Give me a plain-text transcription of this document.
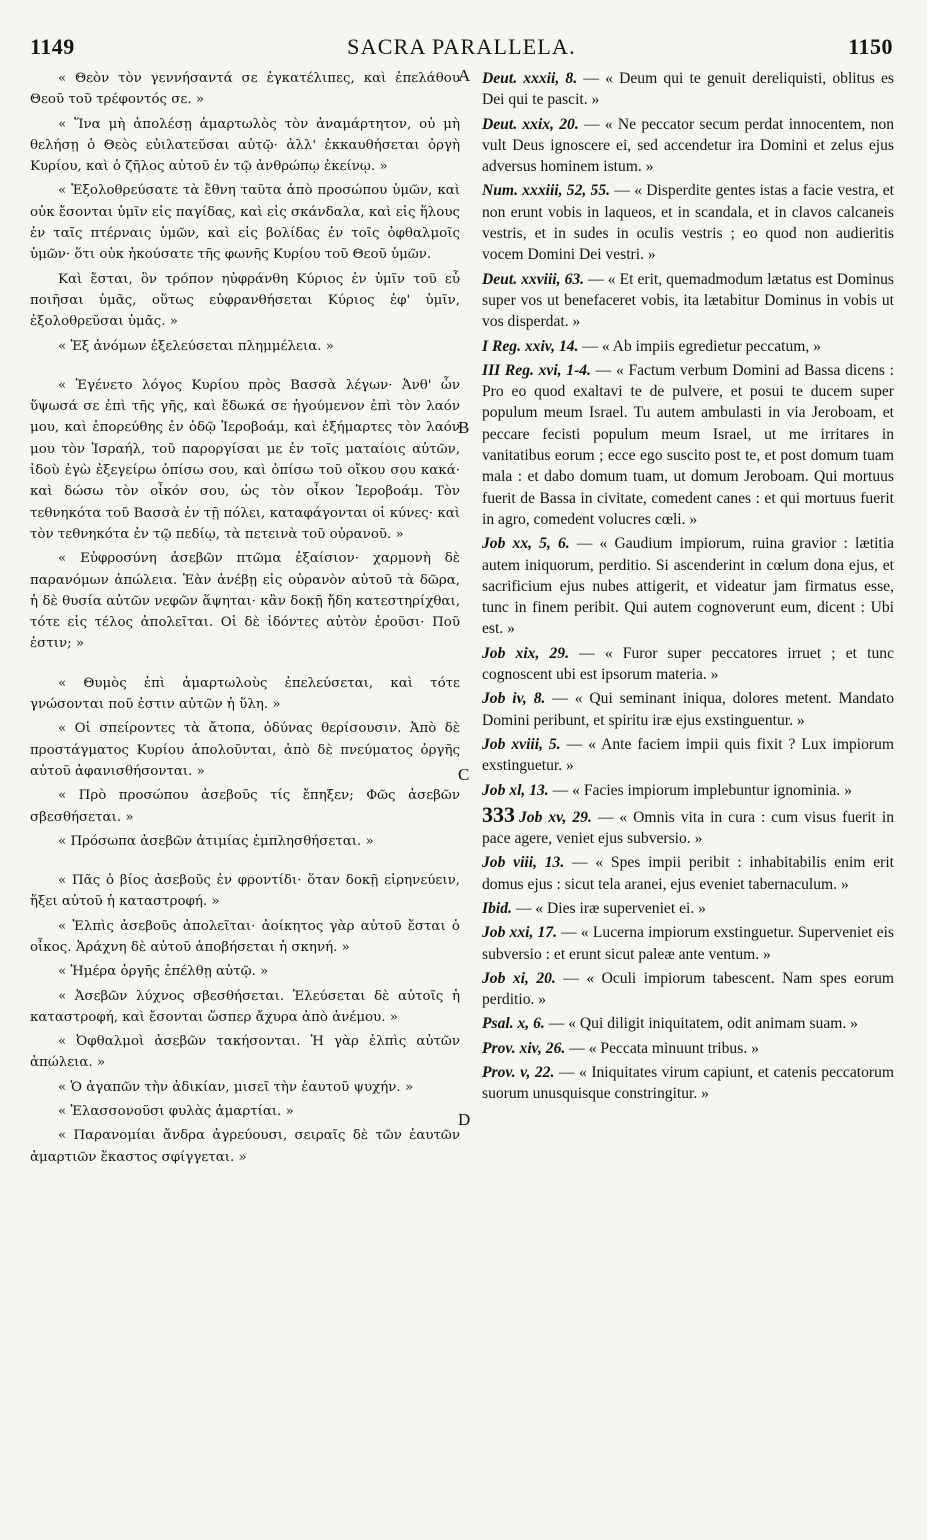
1149	SACRA PARALLELA.	1150
A
B
C
D

« Θεὸν τὸν γεννήσαντά σε ἐγκατέλιπες, καὶ ἐπελάθου Θεοῦ τοῦ τρέφοντός σε. »

« Ἵνα μὴ ἀπολέσῃ ἁμαρτωλὸς τὸν ἀναμάρτητον, οὐ μὴ θελήσῃ ὁ Θεὸς εὐιλατεῦσαι αὐτῷ· ἀλλ' ἐκκαυθήσεται ὀργὴ Κυρίου, καὶ ὁ ζῆλος αὐτοῦ ἐν τῷ ἀνθρώπῳ ἐκείνῳ. »

« Ἐξολοθρεύσατε τὰ ἔθνη ταῦτα ἀπὸ προσώπου ὑμῶν, καὶ οὐκ ἔσονται ὑμῖν εἰς παγίδας, καὶ εἰς σκάνδαλα, καὶ εἰς ἥλους ἐν ταῖς πτέρναις ὑμῶν, καὶ εἰς βολίδας ἐν τοῖς ὀφθαλμοῖς ὑμῶν· ὅτι οὐκ ἠκούσατε τῆς φωνῆς Κυρίου τοῦ Θεοῦ ὑμῶν.

Καὶ ἔσται, ὃν τρόπον ηὐφράνθη Κύριος ἐν ὑμῖν τοῦ εὖ ποιῆσαι ὑμᾶς, οὕτως εὐφρανθήσεται Κύριος ἐφ' ὑμῖν, ἐξολοθρεῦσαι ὑμᾶς. »

« Ἐξ ἀνόμων ἐξελεύσεται πλημμέλεια. »

« Ἐγένετο λόγος Κυρίου πρὸς Βασσὰ λέγων· Ἀνθ' ὧν ὕψωσά σε ἐπὶ τῆς γῆς, καὶ ἔδωκά σε ἡγούμενον ἐπὶ τὸν λαόν μου, καὶ ἐπορεύθης ἐν ὁδῷ Ἱεροβοάμ, καὶ ἐξήμαρτες τὸν λαόν μου τὸν Ἰσραήλ, τοῦ παροργίσαι με ἐν τοῖς ματαίοις αὐτῶν, ἰδοὺ ἐγὼ ἐξεγείρω ὀπίσω σου, καὶ ὀπίσω τοῦ οἴκου σου κακά· καὶ δώσω τὸν οἶκόν σου, ὡς τὸν οἶκον Ἱεροβοάμ. Τὸν τεθνηκότα τοῦ Βασσὰ ἐν τῇ πόλει, καταφάγονται οἱ κύνες· καὶ τὸν τεθνηκότα ἐν τῷ πεδίῳ, τὰ πετεινὰ τοῦ οὐρανοῦ. »

« Εὐφροσύνη ἀσεβῶν πτῶμα ἐξαίσιον· χαρμονὴ δὲ παρανόμων ἀπώλεια. Ἐὰν ἀνέβῃ εἰς οὐρανὸν αὐτοῦ τὰ δῶρα, ἡ δὲ θυσία αὐτῶν νεφῶν ἅψηται· κἂν δοκῇ ἤδη κατεστηρίχθαι, τότε εἰς τέλος ἀπολεῖται. Οἱ δὲ ἰδόντες αὐτὸν ἐροῦσι· Ποῦ ἐστιν; »

« Θυμὸς ἐπὶ ἁμαρτωλοὺς ἐπελεύσεται, καὶ τότε γνώσονται ποῦ ἐστιν αὐτῶν ἡ ὕλη. »

« Οἱ σπείροντες τὰ ἄτοπα, ὀδύνας θερίσουσιν. Ἀπὸ δὲ προστάγματος Κυρίου ἀπολοῦνται, ἀπὸ δὲ πνεύματος ὀργῆς αὐτοῦ ἀφανισθήσονται. »

« Πρὸ προσώπου ἀσεβοῦς τίς ἔπηξεν; Φῶς ἀσεβῶν σβεσθήσεται. »

« Πρόσωπα ἀσεβῶν ἀτιμίας ἐμπλησθήσεται. »

« Πᾶς ὁ βίος ἀσεβοῦς ἐν φροντίδι· ὅταν δοκῇ εἰρηνεύειν, ἥξει αὐτοῦ ἡ καταστροφή. »

« Ἐλπὶς ἀσεβοῦς ἀπολεῖται· ἀοίκητος γὰρ αὐτοῦ ἔσται ὁ οἶκος. Ἀράχνη δὲ αὐτοῦ ἀποβήσεται ἡ σκηνή. »

« Ἡμέρα ὀργῆς ἐπέλθῃ αὐτῷ. »

« Ἀσεβῶν λύχνος σβεσθήσεται. Ἐλεύσεται δὲ αὐτοῖς ἡ καταστροφή, καὶ ἔσονται ὥσπερ ἄχυρα ἀπὸ ἀνέμου. »

« Ὀφθαλμοὶ ἀσεβῶν τακήσονται. Ἡ γὰρ ἐλπὶς αὐτῶν ἀπώλεια. »

« Ὁ ἀγαπῶν τὴν ἀδικίαν, μισεῖ τὴν ἑαυτοῦ ψυχήν. »

« Ἐλασσονοῦσι φυλὰς ἁμαρτίαι. »

« Παρανομίαι ἄνδρα ἀγρεύουσι, σειραῖς δὲ τῶν ἑαυτῶν ἁμαρτιῶν ἕκαστος σφίγγεται. »

Deut. xxxii, 8. — « Deum qui te genuit dereliquisti, oblitus es Dei qui te pascit. »

Deut. xxix, 20. — « Ne peccator secum perdat innocentem, non vult Deus ignoscere ei, sed accendetur ira Domini et zelus ejus adversus hominem istum. »

Num. xxxiii, 52, 55. — « Disperdite gentes istas a facie vestra, et non erunt vobis in laqueos, et in scandala, et in clavos calcaneis vestris, et in sudes in oculis vestris ; eo quod non audieritis vocem Domini Dei vestri. »

Deut. xxviii, 63. — « Et erit, quemadmodum lætatus est Dominus super vos ut benefaceret vobis, ita lætabitur Dominus in vobis ut vos disperdat. »

I Reg. xxiv, 14. — « Ab impiis egredietur peccatum, »

III Reg. xvi, 1-4. — « Factum verbum Domini ad Bassa dicens : Pro eo quod exaltavi te de pulvere, et posui te ducem super populum meum Israel. Tu autem ambulasti in via Jeroboam, et peccare fecisti populum meum Israel, ut me irritares in vanitatibus eorum ; ecce ego suscito post te, et post domum tuam mala : et dabo domum tuam, ut domum Jeroboam. Qui mortuus fuerit de Bassa in civitate, comedent canes : et qui mortuus fuerit in agro, comedent volucres cœli. »

Job xx, 5, 6. — « Gaudium impiorum, ruina gravior : lætitia autem iniquorum, perditio. Si ascenderint in cœlum dona ejus, et sacrificium ejus nubes attigerit, et videatur jam firmatus esse, tunc in finem peribit. Qui autem cognoverunt eum, dicent : Ubi est. »

Job xix, 29. — « Furor super peccatores irruet ; et tunc cognoscent ubi est ipsorum materia. »

Job iv, 8. — « Qui seminant iniqua, dolores metent. Mandato Domini peribunt, et spiritu iræ ejus exstinguentur. »

Job xviii, 5. — « Ante faciem impii quis fixit ? Lux impiorum exstinguetur. »

Job xl, 13. — « Facies impiorum implebuntur ignominia. »

333 Job xv, 29. — « Omnis vita in cura : cum visus fuerit in pace agere, veniet ejus subversio. »

Job viii, 13. — « Spes impii peribit : inhabitabilis enim erit domus ejus : sicut tela aranei, ejus eveniet tabernaculum. »

Ibid. — « Dies iræ superveniet ei. »

Job xxi, 17. — « Lucerna impiorum exstinguetur. Superveniet eis subversio : et erunt sicut paleæ ante ventum. »

Job xi, 20. — « Oculi impiorum tabescent. Nam spes eorum perditio. »

Psal. x, 6. — « Qui diligit iniquitatem, odit animam suam. »

Prov. xiv, 26. — « Peccata minuunt tribus. »

Prov. v, 22. — « Iniquitates virum capiunt, et catenis peccatorum suorum unusquisque constringitur. »
